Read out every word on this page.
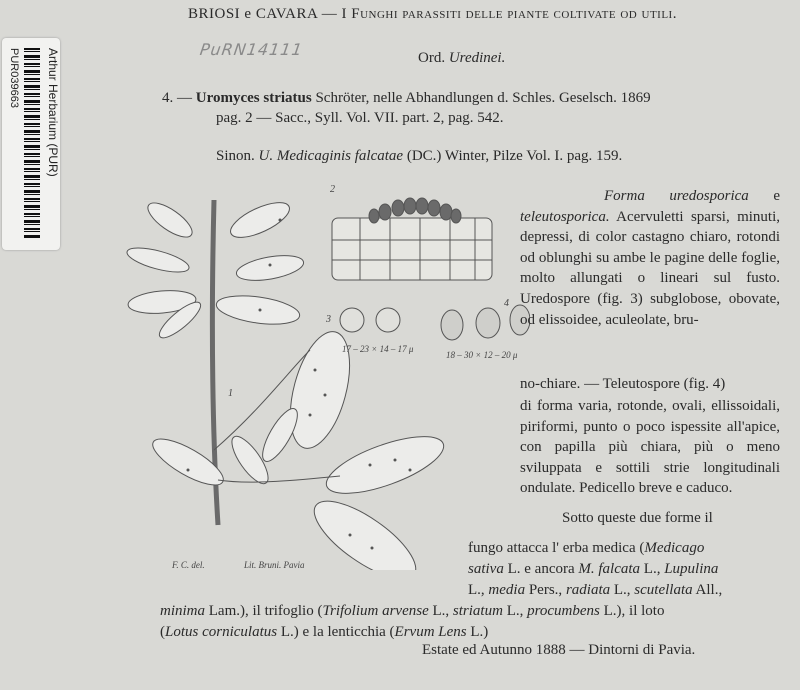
Arthur Herbarium (PUR)
PUR039663
BRIOSI e CAVARA — I Funghi parassiti delle piante coltivate od utili.
PuRN14111	Ord. Uredinei.
4. — Uromyces striatus Schröter, nelle Abhandlungen d. Schles. Geselsch. 1869
pag. 2 — Sacc., Syll. Vol. VII. part. 2, pag. 542.
Sinon. U. Medicaginis falcatae (DC.) Winter, Pilze Vol. I. pag. 159.
2
3
4
1
17 – 23 × 14 – 17 μ
18 – 30 × 12 – 20 μ
F. C. del.	Lit. Bruni. Pavia

Forma uredosporica e teleutosporica. Acervuletti sparsi, minuti, depressi, di color castagno chiaro, rotondi od oblunghi su ambe le pagine delle foglie, molto allungati o lineari sul fusto. Uredospore (fig. 3) subglobose, obovate, od elissoidee, aculeolate, bru-

no-chiare. — Teleutospore (fig. 4)
di forma varia, rotonde, ovali, ellissoidali, piriformi, punto o poco ispessite all'apice, con papilla più chiara, più o meno sviluppata e sottili strie longitudinali ondulate. Pedicello breve e caduco.
Sotto queste due forme il
fungo attacca l' erba medica (Medicago
sativa L. e ancora M. falcata L., Lupulina
L., media Pers., radiata L., scutellata All.,
minima Lam.), il trifoglio (Trifolium arvense L., striatum L., procumbens L.), il loto
(Lotus corniculatus L.) e la lenticchia (Ervum Lens L.)
Estate ed Autunno 1888 — Dintorni di Pavia.
